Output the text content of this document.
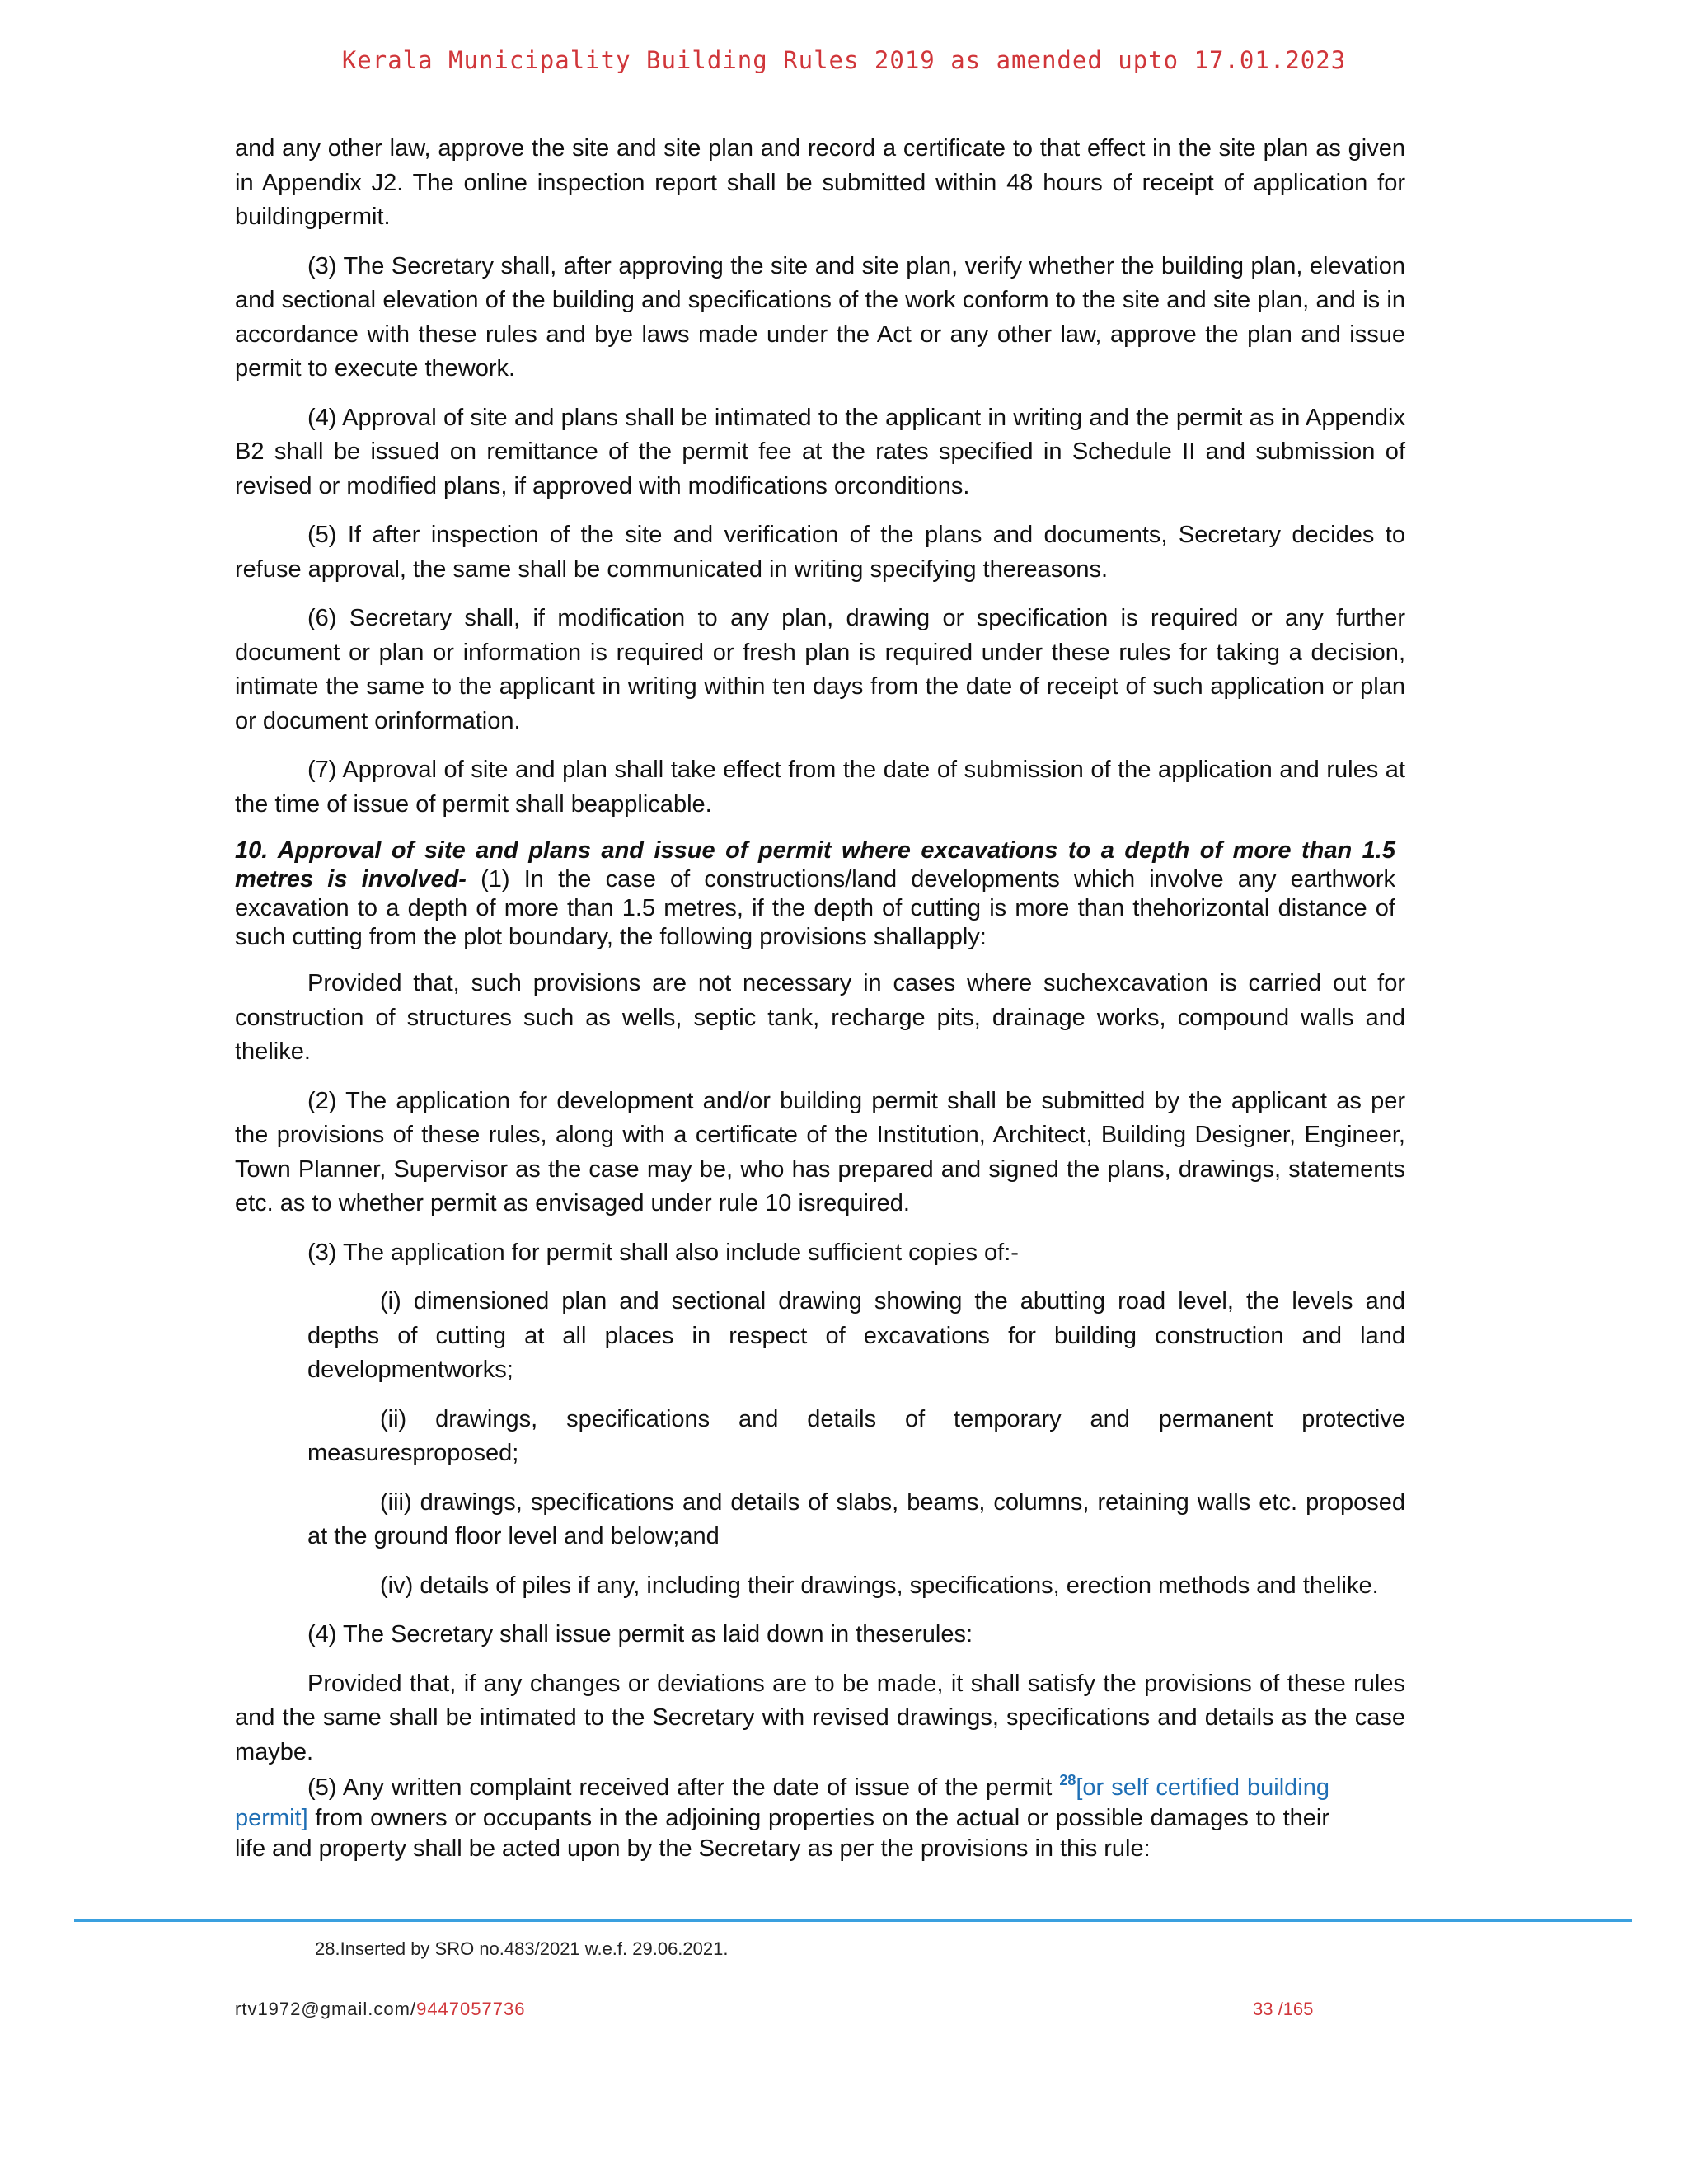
Kerala Municipality Building Rules 2019 as amended upto 17.01.2023

and any other law, approve the site and site plan and record a certificate to that effect in the site plan as given in Appendix J2. The online inspection report shall be submitted within 48 hours of receipt of application for buildingpermit.

(3) The Secretary shall, after approving the site and site plan, verify whether the building plan, elevation and sectional elevation of the building and specifications of the work conform to the site and site plan, and is in accordance with these rules and bye laws made under the Act or any other law, approve the plan and issue permit to execute thework.

(4) Approval of site and plans shall be intimated to the applicant in writing and the permit as in Appendix B2 shall be issued on remittance of the permit fee at the rates specified in Schedule II and submission of revised or modified plans, if approved with modifications orconditions.

(5) If after inspection of the site and verification of the plans and documents, Secretary decides to refuse approval, the same shall be communicated in writing specifying thereasons.

(6) Secretary shall, if modification to any plan, drawing or specification is required or any further document or plan or information is required or fresh plan is required under these rules for taking a decision, intimate the same to the applicant in writing within ten days from the date of receipt of such application or plan or document orinformation.

(7) Approval of site and plan shall take effect from the date of submission of the application and rules at the time of issue of permit shall beapplicable.

10. Approval of site and plans and issue of permit where excavations to a depth of more than 1.5 metres is involved- (1) In the case of constructions/land developments which involve any earthwork excavation to a depth of more than 1.5 metres, if the depth of cutting is more than thehorizontal distance of such cutting from the plot boundary, the following provisions shallapply:

Provided that, such provisions are not necessary in cases where suchexcavation is carried out for construction of structures such as wells, septic tank, recharge pits, drainage works, compound walls and thelike.

(2) The application for development and/or building permit shall be submitted by the applicant as per the provisions of these rules, along with a certificate of the Institution, Architect, Building Designer, Engineer, Town Planner, Supervisor as the case may be, who has prepared and signed the plans, drawings, statements etc. as to whether permit as envisaged under rule 10 isrequired.

(3) The application for permit shall also include sufficient copies of:-

(i) dimensioned plan and sectional drawing showing the abutting road level, the levels and depths of cutting at all places in respect of excavations for building construction and land developmentworks;

(ii) drawings, specifications and details of temporary and permanent protective measuresproposed;

(iii) drawings, specifications and details of slabs, beams, columns, retaining walls etc. proposed at the ground floor level and below;and

(iv) details of piles if any, including their drawings, specifications, erection methods and thelike.

(4) The Secretary shall issue permit as laid down in theserules:

Provided that, if any changes or deviations are to be made, it shall satisfy the provisions of these rules and the same shall be intimated to the Secretary with revised drawings, specifications and details as the case maybe.

(5) Any written complaint received after the date of issue of the permit $^{28}$[or self certified building permit] from owners or occupants in the adjoining properties on the actual or possible damages to their life and property shall be acted upon by the Secretary as per the provisions in this rule:

28.Inserted by SRO no.483/2021 w.e.f. 29.06.2021.
rtv1972@gmail.com/9447057736	33 /165
